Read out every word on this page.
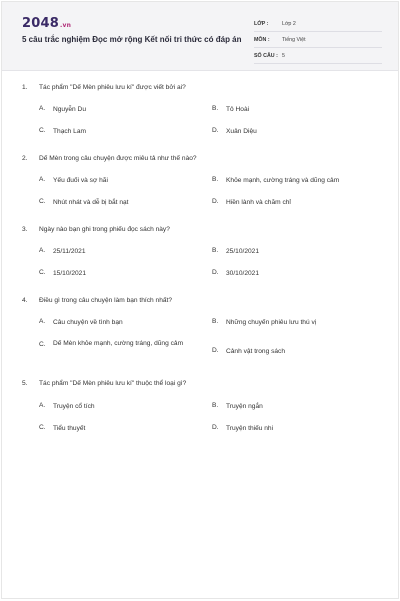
2048.vn
5 câu trắc nghiệm Đọc mở rộng Kết nối tri thức có đáp án
LỚP :	Lớp 2
MÔN :	Tiếng Việt
SỐ CÂU : 5
1.	Tác phẩm "Dế Mèn phiêu lưu kí" được viết bởi ai?
A.	Nguyễn Du	B.	Tô Hoài
C.	Thạch Lam	D.	Xuân Diệu
2.	Dế Mèn trong câu chuyện được miêu tả như thế nào?
A.	Yếu đuối và sợ hãi	B.	Khỏe mạnh, cường tráng và dũng cảm
C.	Nhút nhát và dễ bị bắt nạt	D.	Hiền lành và chăm chỉ
3.	Ngày nào bạn ghi trong phiếu đọc sách này?
A.	25/11/2021	B.	25/10/2021
C.	15/10/2021	D.	30/10/2021
4.	Điều gì trong câu chuyện làm bạn thích nhất?
A.	Câu chuyện về tình bạn	B.	Những chuyến phiêu lưu thú vị
C.	Dế Mèn khỏe mạnh, cường tráng, dũng cảm
D.	Cảnh vật trong sách
5.	Tác phẩm "Dế Mèn phiêu lưu kí" thuộc thể loại gì?
A.	Truyện cổ tích	B.	Truyện ngắn
C.	Tiểu thuyết	D.	Truyện thiếu nhi
